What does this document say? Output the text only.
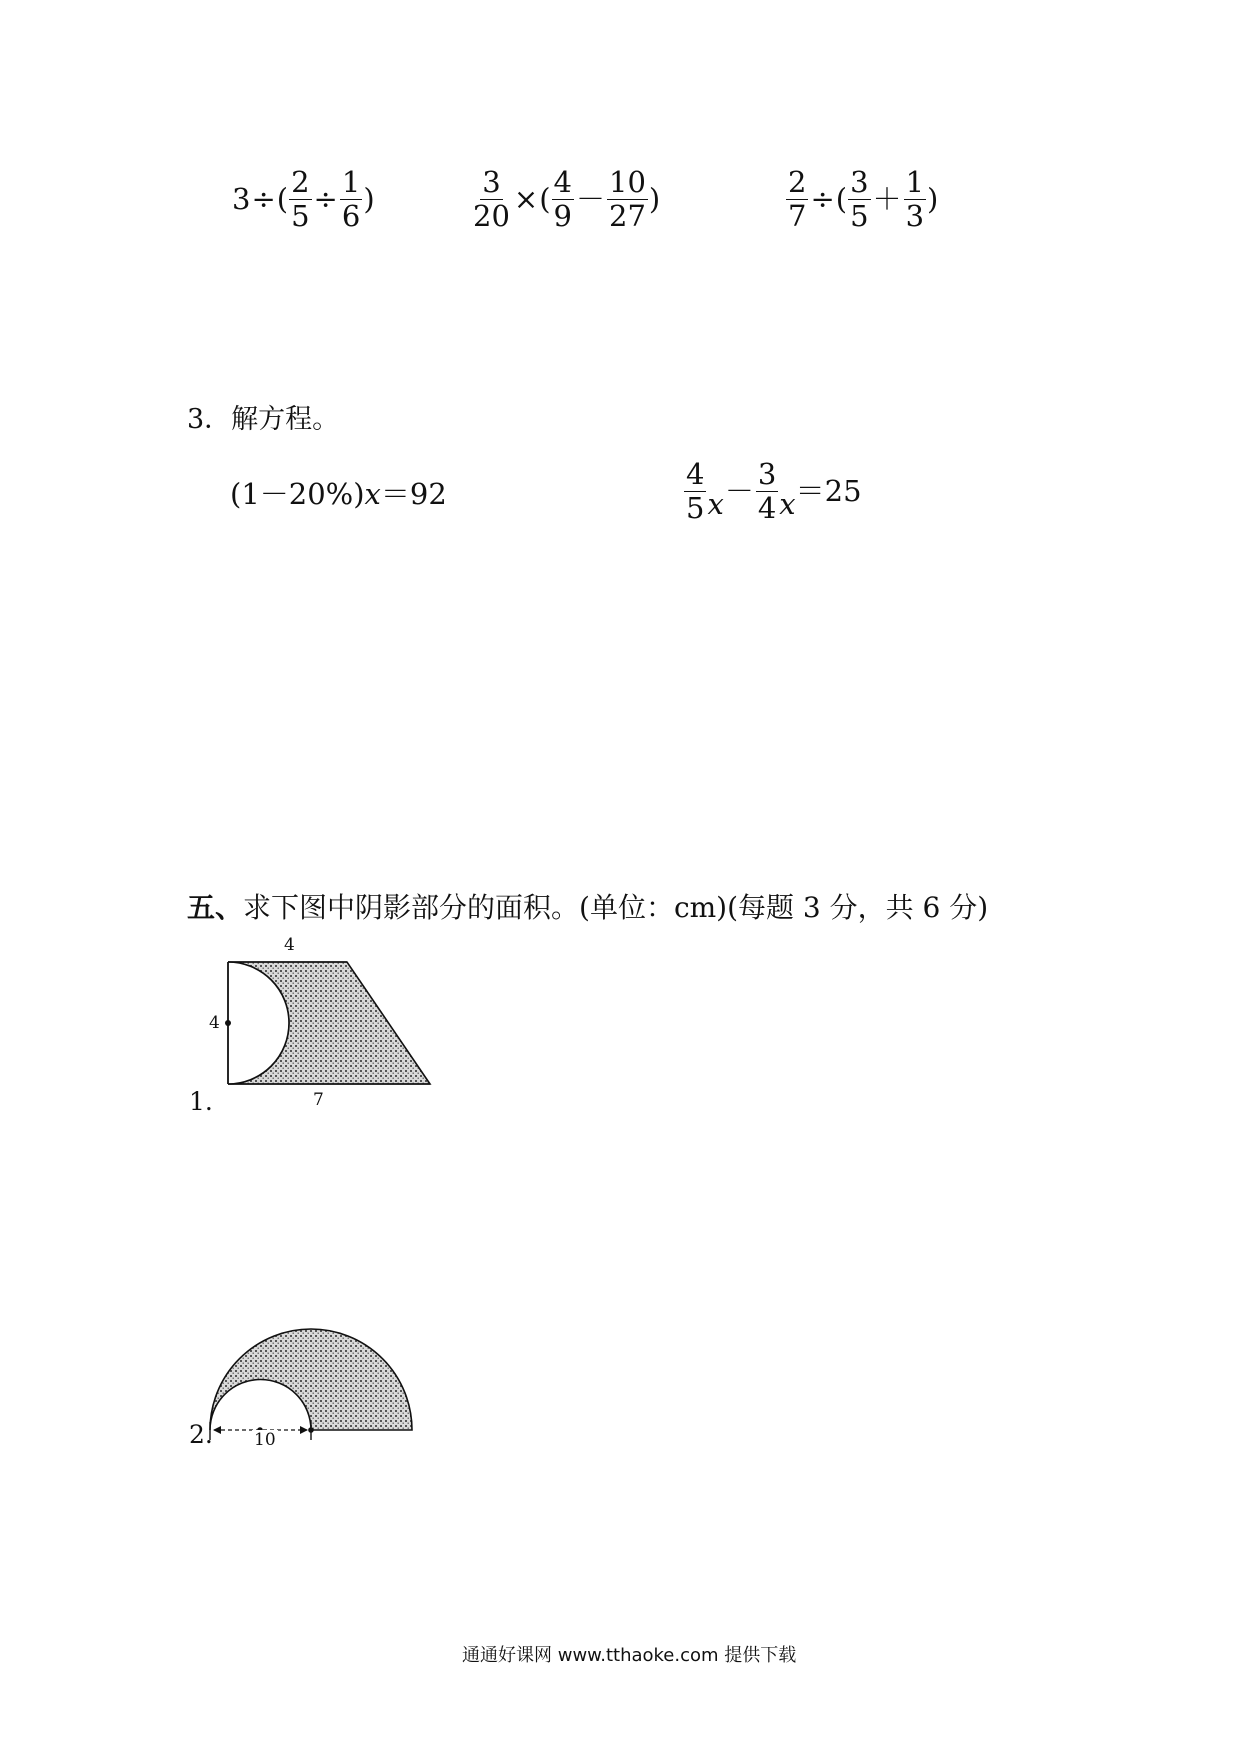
3 ÷ ( $\frac{2}{5} \div \frac{1}{6}$ )	$\frac{3}{20}$ × ( $\frac{4}{9} - \frac{10}{27}$ )	$\frac{2}{7}$ ÷ ( $\frac{3}{5} + \frac{1}{3}$ )
3．解方程。
(1－20%) x ＝92	$\frac{4}{5}$ $x - \frac{3}{4}$ x ＝25
五、求下图中阴影部分的面积。(单位：cm)(每题 3 分，共 6 分)
4
4
7
1.
10
2.
通通好课网 www.tthaoke.com 提供下载
